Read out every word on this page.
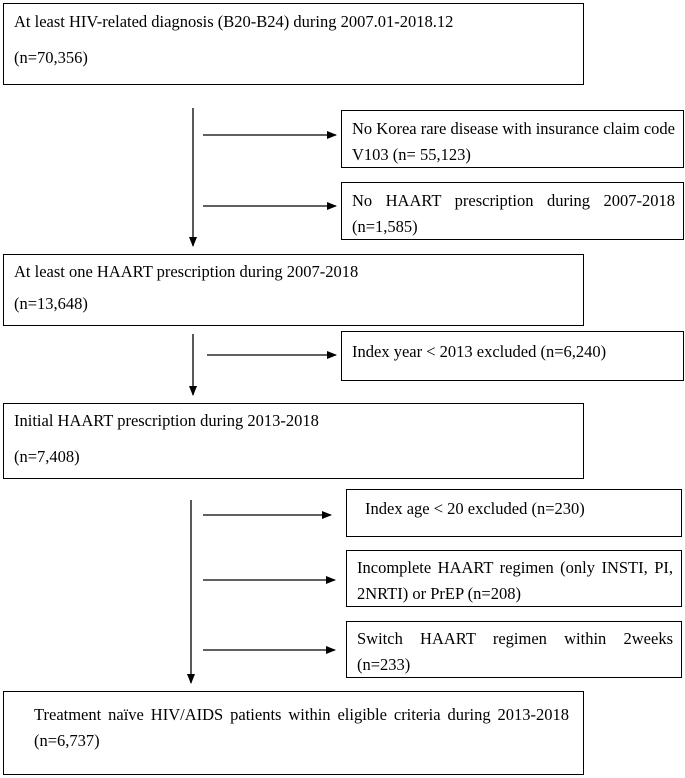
At least HIV-related diagnosis (B20-B24) during 2007.01-2018.12

(n=70,356)

No Korea rare disease with insurance claim code V103 (n= 55,123)

No HAART prescription during 2007-2018 (n=1,585)

At least one HAART prescription during 2007-2018

(n=13,648)

Index year < 2013 excluded (n=6,240)

Initial HAART prescription during 2013-2018

(n=7,408)

Index age < 20 excluded (n=230)

Incomplete HAART regimen (only INSTI, PI, 2NRTI) or PrEP (n=208)

Switch HAART regimen within 2weeks (n=233)

Treatment naïve HIV/AIDS patients within eligible criteria during 2013-2018 (n=6,737)
